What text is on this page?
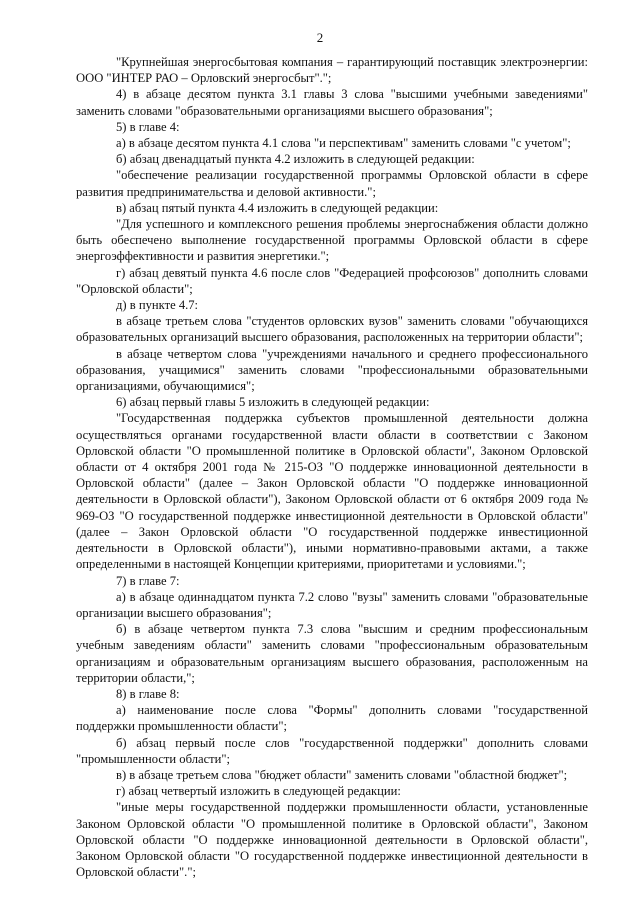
2

"Крупнейшая энергосбытовая компания – гарантирующий поставщик электроэнергии: ООО "ИНТЕР РАО – Орловский энергосбыт".";

4) в абзаце десятом пункта 3.1 главы 3 слова "высшими учебными заведениями" заменить словами "образовательными организациями высшего образования";

5) в главе 4:

а) в абзаце десятом пункта 4.1 слова "и перспективам" заменить словами "с учетом";

б) абзац двенадцатый пункта 4.2 изложить в следующей редакции:

"обеспечение реализации государственной программы Орловской области в сфере развития предпринимательства и деловой активности.";

в) абзац пятый пункта 4.4 изложить в следующей редакции:

"Для успешного и комплексного решения проблемы энергоснабжения области должно быть обеспечено выполнение государственной программы Орловской области в сфере энергоэффективности и развития энергетики.";

г) абзац девятый пункта 4.6 после слов "Федерацией профсоюзов" дополнить словами "Орловской области";

д) в пункте 4.7:

в абзаце третьем слова "студентов орловских вузов" заменить словами "обучающихся образовательных организаций высшего образования, расположенных на территории области";

в абзаце четвертом слова "учреждениями начального и среднего профессионального образования, учащимися" заменить словами "профессиональными образовательными организациями, обучающимися";

6) абзац первый главы 5 изложить в следующей редакции:

"Государственная поддержка субъектов промышленной деятельности должна осуществляться органами государственной власти области в соответствии с Законом Орловской области "О промышленной политике в Орловской области", Законом Орловской области от 4 октября 2001 года № 215-ОЗ "О поддержке инновационной деятельности в Орловской области" (далее – Закон Орловской области "О поддержке инновационной деятельности в Орловской области"), Законом Орловской области от 6 октября 2009 года № 969-ОЗ "О государственной поддержке инвестиционной деятельности в Орловской области" (далее – Закон Орловской области "О государственной поддержке инвестиционной деятельности в Орловской области"), иными нормативно-правовыми актами, а также определенными в настоящей Концепции критериями, приоритетами и условиями.";

7) в главе 7:

а) в абзаце одиннадцатом пункта 7.2 слово "вузы" заменить словами "образовательные организации высшего образования";

б) в абзаце четвертом пункта 7.3 слова "высшим и средним профессиональным учебным заведениям области" заменить словами "профессиональным образовательным организациям и образовательным организациям высшего образования, расположенным на территории области,";

8) в главе 8:

а) наименование после слова "Формы" дополнить словами "государственной поддержки промышленности области";

б) абзац первый после слов "государственной поддержки" дополнить словами "промышленности области";

в) в абзаце третьем слова "бюджет области" заменить словами "областной бюджет";

г) абзац четвертый изложить в следующей редакции:

"иные меры государственной поддержки промышленности области, установленные Законом Орловской области "О промышленной политике в Орловской области", Законом Орловской области "О поддержке инновационной деятельности в Орловской области", Законом Орловской области "О государственной поддержке инвестиционной деятельности в Орловской области".";
